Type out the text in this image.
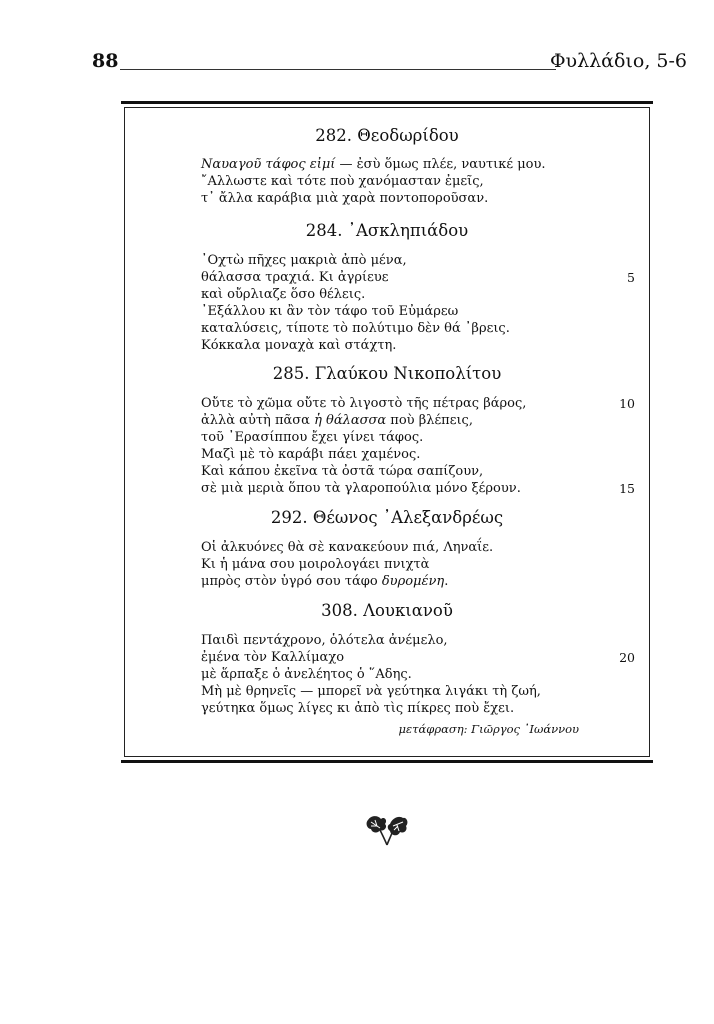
88	Φυλλάδιο, 5-6
282. Θεοδωρίδου
Ναυαγοῦ τάφος εἰμί — ἐσὺ ὅμως πλέε, ναυτικέ μου.
῎Αλλωστε καὶ τότε ποὺ χανόμασταν ἐμεῖς,
τ᾽ ἄλλα καράβια μιὰ χαρὰ ποντοποροῦσαν.
284. ᾿Ασκληπιάδου
᾿Οχτὼ πῆχες μακριὰ ἀπὸ μένα,
θάλασσα τραχιά. Κι ἀγρίευε	5
καὶ οὔρλιαζε ὅσο θέλεις.
᾿Εξάλλου κι ἂν τὸν τάφο τοῦ Εὐμάρεω
καταλύσεις, τίποτε τὸ πολύτιμο δὲν θά ᾽βρεις.
Κόκκαλα μοναχὰ καὶ στάχτη.
285. Γλαύκου Νικοπολίτου
Οὔτε τὸ χῶμα οὔτε τὸ λιγοστὸ τῆς πέτρας βάρος,	10
ἀλλὰ αὐτὴ πᾶσα ἡ θάλασσα ποὺ βλέπεις,
τοῦ ᾿Ερασίππου ἔχει γίνει τάφος.
Μαζὶ μὲ τὸ καράβι πάει χαμένος.
Καὶ κάπου ἐκεῖνα τὰ ὀστᾶ τώρα σαπίζουν,
σὲ μιὰ μεριὰ ὅπου τὰ γλαροπούλια μόνο ξέρουν.	15
292. Θέωνος ᾿Αλεξανδρέως
Οἱ ἀλκυόνες θὰ σὲ κανακεύουν πιά, Ληναΐε.
Κι ἡ μάνα σου μοιρολογάει πνιχτὰ
μπρὸς στὸν ὑγρό σου τάφο δυρομένη.
308. Λουκιανοῦ
Παιδὶ πεντάχρονο, ὁλότελα ἀνέμελο,
ἐμένα τὸν Καλλίμαχο	20
μὲ ἅρπαξε ὁ ἀνελέητος ὁ ῞Αδης.
Μὴ μὲ θρηνεῖς — μπορεῖ νὰ γεύτηκα λιγάκι τὴ ζωή,
γεύτηκα ὅμως λίγες κι ἀπὸ τὶς πίκρες ποὺ ἔχει.
μετάφραση: Γιῶργος ᾿Ιωάννου
